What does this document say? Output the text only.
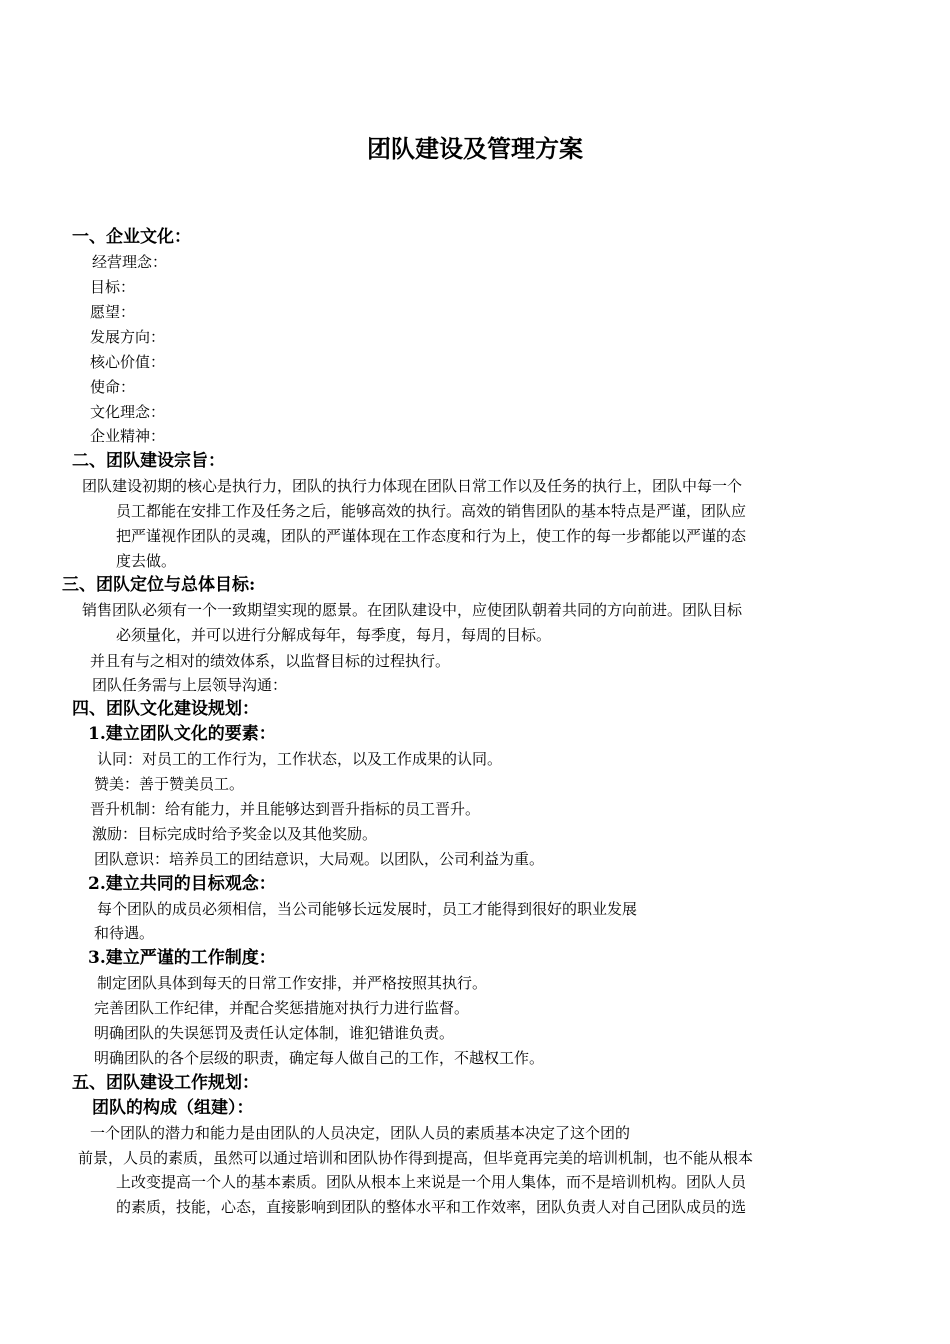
团队建设及管理方案
一、企业文化：
经营理念：
目标：
愿望：
发展方向：
核心价值：
使命：
文化理念：
企业精神：
二、团队建设宗旨：
团队建设初期的核心是执行力，团队的执行力体现在团队日常工作以及任务的执行上，团队中每一个
员工都能在安排工作及任务之后，能够高效的执行。高效的销售团队的基本特点是严谨，团队应
把严谨视作团队的灵魂，团队的严谨体现在工作态度和行为上，使工作的每一步都能以严谨的态
度去做。
三、团队定位与总体目标:
销售团队必须有一个一致期望实现的愿景。在团队建设中，应使团队朝着共同的方向前进。团队目标
必须量化，并可以进行分解成每年，每季度，每月，每周的目标。
并且有与之相对的绩效体系，以监督目标的过程执行。
团队任务需与上层领导沟通：
四、团队文化建设规划：
1.建立团队文化的要素：
认同：对员工的工作行为，工作状态，以及工作成果的认同。
赞美：善于赞美员工。
晋升机制：给有能力，并且能够达到晋升指标的员工晋升。
激励：目标完成时给予奖金以及其他奖励。
团队意识：培养员工的团结意识，大局观。以团队，公司利益为重。
2.建立共同的目标观念：
每个团队的成员必须相信，当公司能够长远发展时，员工才能得到很好的职业发展
和待遇。
3.建立严谨的工作制度：
制定团队具体到每天的日常工作安排，并严格按照其执行。
完善团队工作纪律，并配合奖惩措施对执行力进行监督。
明确团队的失误惩罚及责任认定体制，谁犯错谁负责。
明确团队的各个层级的职责，确定每人做自己的工作，不越权工作。
五、团队建设工作规划：
团队的构成（组建）：
一个团队的潜力和能力是由团队的人员决定，团队人员的素质基本决定了这个团的
前景，人员的素质，虽然可以通过培训和团队协作得到提高，但毕竟再完美的培训机制，也不能从根本
上改变提高一个人的基本素质。团队从根本上来说是一个用人集体，而不是培训机构。团队人员
的素质，技能，心态，直接影响到团队的整体水平和工作效率，团队负责人对自己团队成员的选
